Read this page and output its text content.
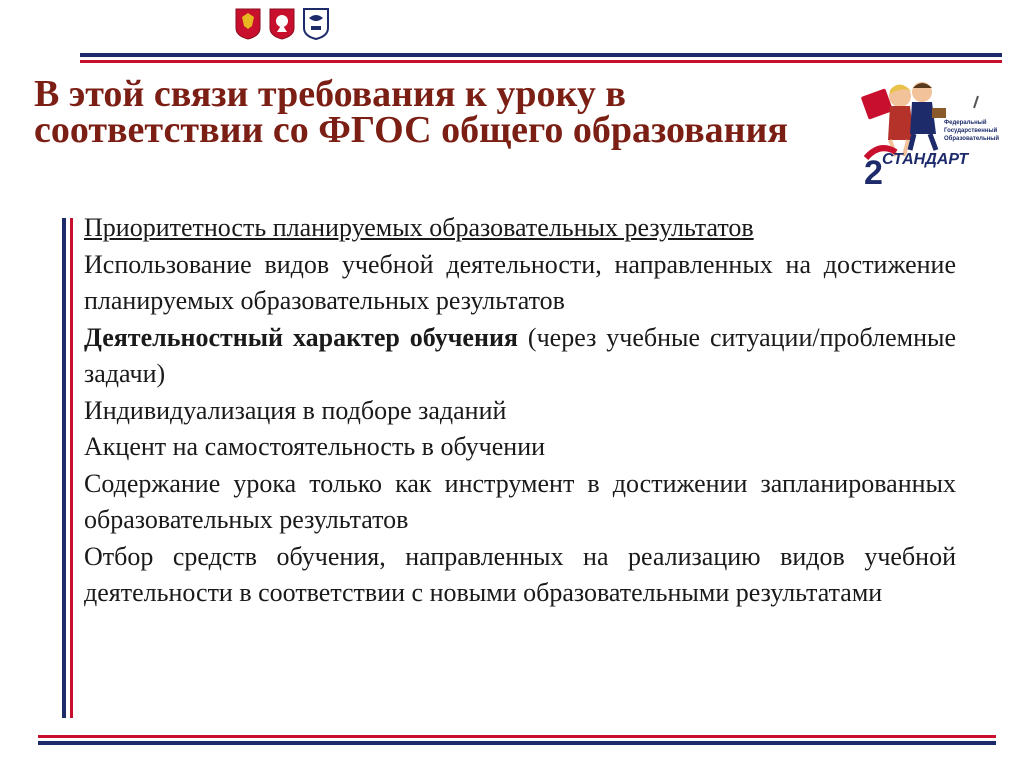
В этой связи требования к уроку в соответствии со ФГОС общего образования	Федеральный
Государственный
Образовательный
2 СТАНДАРТ

Приоритетность планируемых образовательных результатов

Использование видов учебной деятельности, направленных на достижение планируемых образовательных результатов

Деятельностный характер обучения (через учебные ситуации/проблемные задачи)

Индивидуализация в подборе заданий

Акцент на самостоятельность в обучении

Содержание урока только как инструмент в достижении запланированных образовательных результатов

Отбор средств обучения, направленных на реализацию видов учебной деятельности в соответствии с новыми образовательными результатами
